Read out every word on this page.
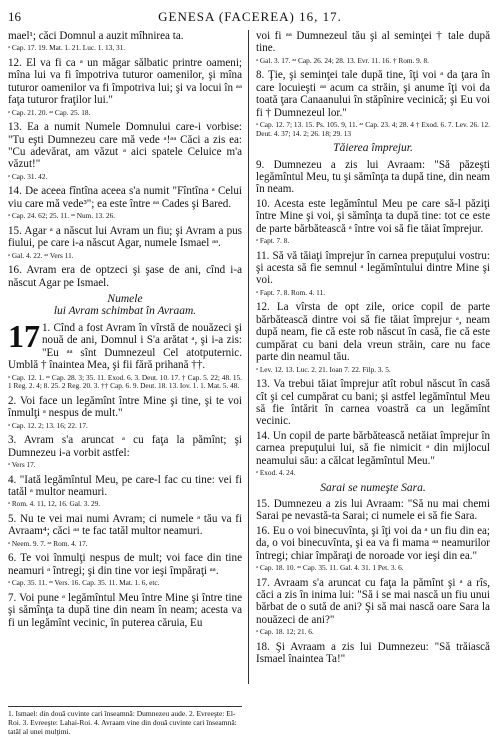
16	GENESA (FACEREA) 16, 17.

mael¹; căci Domnul a auzit mîhnirea ta.

ᵃ Cap. 17. 19. Mat. 1. 21. Luc. 1. 13, 31.

12. El va fi ca ᵃ un măgar sălbatic printre oameni; mîna lui va fi împotriva tuturor oamenilor, şi mîna tuturor oamenilor va fi împotriva lui; şi va locui în ᵃᵃ faţa tuturor fraţilor lui."

ᵃ Cap. 21. 20. ᵃᵃ Cap. 25. 18.

13. Ea a numit Numele Domnului care-i vorbise: "Tu eşti Dumnezeu care mă vede ᵃ!ᵃᵃ Căci a zis ea: "Cu adevărat, am văzut ᵃ aici spatele Celuice m'a văzut!"

ᵃ Cap. 31. 42.

14. De aceea fîntîna aceea s'a numit "Fîntîna ᵃ Celui viu care mă vede³"; ea este între ᵃᵃ Cades şi Bared.

ᵃ Cap. 24. 62; 25. 11. ᵃᵃ Num. 13. 26.

15. Agar ᵃ a născut lui Avram un fiu; şi Avram a pus fiului, pe care i-a născut Agar, numele Ismael ᵃᵃ.

ᵃ Gal. 4. 22. ᵃᵃ Vers 11.

16. Avram era de optzeci şi şase de ani, cînd i-a născut Agar pe Ismael.

Numele
lui Avram schimbat în Avraam.

17 1. Cînd a fost Avram în vîrstă de nouăzeci şi nouă de ani, Domnul i S'a arătat ᵃ, şi i-a zis: "Eu ᵃᵃ sînt Dumnezeul Cel atotputernic. Umblă † înaintea Mea, şi fii fără prihană ††.

ᵃ Cap. 12. 1. ᵃᵃ Cap. 28. 3; 35. 11. Exod. 6. 3. Deut. 10. 17. † Cap. 5. 22; 48. 15. 1 Reg. 2. 4; 8. 25. 2 Reg. 20. 3. †† Cap. 6. 9. Deut. 18. 13. Iov. 1. 1. Mat. 5. 48.

2. Voi face un legămînt între Mine şi tine, şi te voi înmulţi ᵃ nespus de mult."

ᵃ Cap. 12. 2; 13. 16; 22. 17.

3. Avram s'a aruncat ᵃ cu faţa la pămînt; şi Dumnezeu i-a vorbit astfel:

ᵃ Vers 17.

4. "Iată legămîntul Meu, pe care-l fac cu tine: vei fi tatăl ᵃ multor neamuri.

ᵃ Rom. 4. 11, 12, 16. Gal. 3. 29.

5. Nu te vei mai numi Avram; ci numele ᵃ tău va fi Avraam⁴; căci ᵃᵃ te fac tatăl multor neamuri.

ᵃ Neem. 9. 7. ᵃᵃ Rom. 4. 17.

6. Te voi înmulţi nespus de mult; voi face din tine neamuri ᵃ întregi; şi din tine vor ieşi împăraţi ᵃᵃ.

ᵃ Cap. 35. 11. ᵃᵃ Vers. 16. Cap. 35. 11. Mat. 1. 6, etc.

7. Voi pune ᵃ legămîntul Meu între Mine şi între tine şi sămînţa ta după tine din neam în neam; acesta va fi un legămînt vecinic, în puterea căruia, Eu

voi fi ᵃᵃ Dumnezeul tău şi al seminţei † tale după tine.

ᵃ Gal. 3. 17. ᵃᵃ Cap. 26. 24; 28. 13. Evr. 11. 16. † Rom. 9. 8.

8. Ţie, şi seminţei tale după tine, îţi voi ᵃ da ţara în care locuieşti ᵃᵃ acum ca străin, şi anume îţi voi da toată ţara Canaanului în stăpînire vecinică; şi Eu voi fi † Dumnezeul lor."

ᵃ Cap. 12. 7; 13. 15. Ps. 105. 9, 11. ᵃᵃ Cap. 23. 4; 28. 4 † Exod. 6. 7. Lev. 26. 12. Deut. 4. 37; 14. 2; 26. 18; 29. 13

Tăierea împrejur.

9. Dumnezeu a zis lui Avraam: "Să păzeşti legămîntul Meu, tu şi sămînţa ta după tine, din neam în neam.

10. Acesta este legămîntul Meu pe care să-l păziţi între Mine şi voi, şi sămînţa ta după tine: tot ce este de parte bărbătească ᵃ între voi să fie tăiat împrejur.

ᵃ Fapt. 7. 8.

11. Să vă tăiaţi împrejur în carnea prepuţului vostru: şi acesta să fie semnul ᵃ legămîntului dintre Mine şi voi.

ᵃ Fapt. 7. 8. Rom. 4. 11.

12. La vîrsta de opt zile, orice copil de parte bărbătească dintre voi să fie tăiat împrejur ᵃ, neam după neam, fie că este rob născut în casă, fie că este cumpărat cu bani dela vreun străin, care nu face parte din neamul tău.

ᵃ Lev. 12. 13. Luc. 2. 21. Ioan 7. 22. Filp. 3. 5.

13. Va trebui tăiat împrejur atît robul născut în casă cît şi cel cumpărat cu bani; şi astfel legămîntul Meu să fie întărit în carnea voastră ca un legămînt vecinic.

14. Un copil de parte bărbătească netăiat împrejur în carnea prepuţului lui, să fie nimicit ᵃ din mijlocul neamului său: a călcat legămîntul Meu."

ᵃ Exod. 4. 24.

Sarai se numeşte Sara.

15. Dumnezeu a zis lui Avraam: "Să nu mai chemi Sarai pe nevastă-ta Sarai; ci numele ei să fie Sara.

16. Eu o voi binecuvînta, şi îţi voi da ᵃ un fiu din ea; da, o voi binecuvînta, şi ea va fi mama ᵃᵃ neamurilor întregi; chiar împăraţi de noroade vor ieşi din ea."

ᵃ Cap. 18. 10. ᵃᵃ Cap. 35. 11. Gal. 4. 31. 1 Pet. 3. 6.

17. Avraam s'a aruncat cu faţa la pămînt şi ᵃ a rîs, căci a zis în inima lui: "Să i se mai nască un fiu unui bărbat de o sută de ani? Şi să mai nască oare Sara la nouăzeci de ani?"

ᵃ Cap. 18. 12; 21. 6.

18. Şi Avraam a zis lui Dumnezeu: "Să trăiască Ismael înaintea Ta!"

1. Ismael: din două cuvinte cari înseamnă: Dumnezeu aude. 2. Evreeşte: El-Roi. 3. Evreeşte: Lahai-Roi. 4. Avraam vine din două cuvinte cari înseamnă: tatăl al unei mulţimi.
